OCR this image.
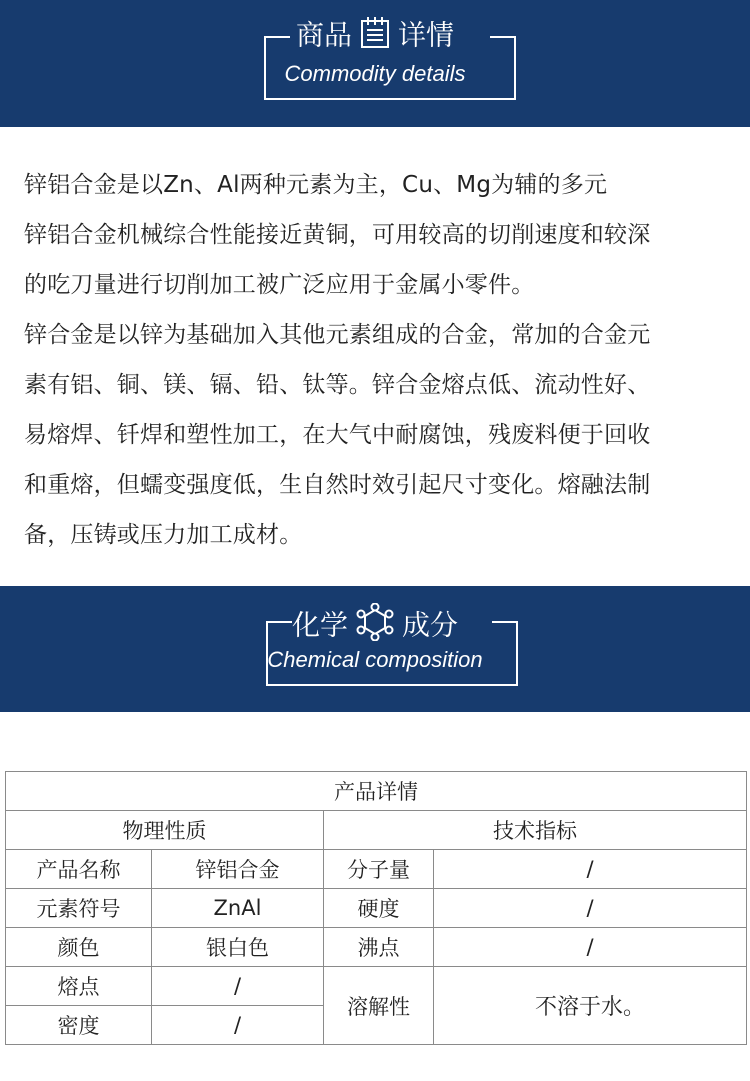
商品 详情
Commodity details
锌铝合金是以Zn、Al两种元素为主，Cu、Mg为辅的多元
锌铝合金机械综合性能接近黄铜，可用较高的切削速度和较深
的吃刀量进行切削加工被广泛应用于金属小零件。
锌合金是以锌为基础加入其他元素组成的合金，常加的合金元
素有铝、铜、镁、镉、铅、钛等。锌合金熔点低、流动性好、
易熔焊、钎焊和塑性加工，在大气中耐腐蚀，残废料便于回收
和重熔，但蠕变强度低，生自然时效引起尺寸变化。熔融法制
备，压铸或压力加工成材。
化学 成分
Chemical composition
产品详情			
物理性质		技术指标	
产品名称	锌铝合金	分子量	/
元素符号	ZnAl	硬度	/
颜色	银白色	沸点	/
熔点	/	溶解性	不溶于水。
密度	/		
